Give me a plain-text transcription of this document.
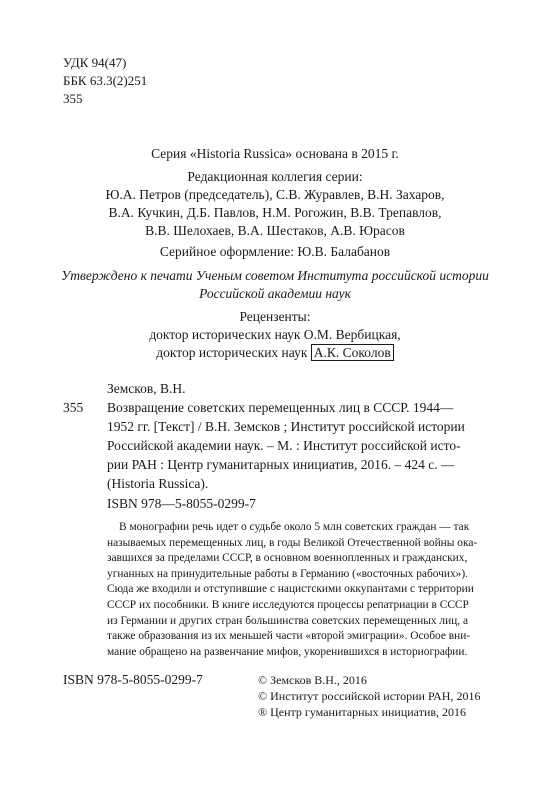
УДК 94(47)
ББК 63.3(2)251
355
Серия «Historia Russica» основана в 2015 г.
Редакционная коллегия серии:
Ю.А. Петров (председатель), С.В. Журавлев, В.Н. Захаров,
В.А. Кучкин, Д.Б. Павлов, Н.М. Рогожин, В.В. Трепавлов,
В.В. Шелохаев, В.А. Шестаков, А.В. Юрасов
Серийное оформление: Ю.В. Балабанов
Утверждено к печати Ученым советом Института российской истории
Российской академии наук
Рецензенты:
доктор исторических наук О.М. Вербицкая,
доктор исторических наук А.К. Соколов
Земсков, В.Н.
355 Возвращение советских перемещенных лиц в СССР. 1944—
1952 гг. [Текст] / В.Н. Земсков ; Институт российской истории
Российской академии наук. – М. : Институт российской исто-
рии РАН : Центр гуманитарных инициатив, 2016. – 424 с. —
(Historia Russica).
ISBN 978—5-8055-0299-7
В монографии речь идет о судьбе около 5 млн советских граждан — так
называемых перемещенных лиц, в годы Великой Отечественной войны ока-
завшихся за пределами СССР, в основном военнопленных и гражданских,
угнанных на принудительные работы в Германию («восточных рабочих»).
Сюда же входили и отступившие с нацистскими оккупантами с территории
СССР их пособники. В книге исследуются процессы репатриации в СССР
из Германии и других стран большинства советских перемещенных лиц, а
также образования из их меньшей части «второй эмиграции». Особое вни-
мание обращено на развенчание мифов, укоренившихся в историографии.
ISBN 978-5-8055-0299-7	© Земсков В.Н., 2016
© Институт российской истории РАН, 2016
® Центр гуманитарных инициатив, 2016
